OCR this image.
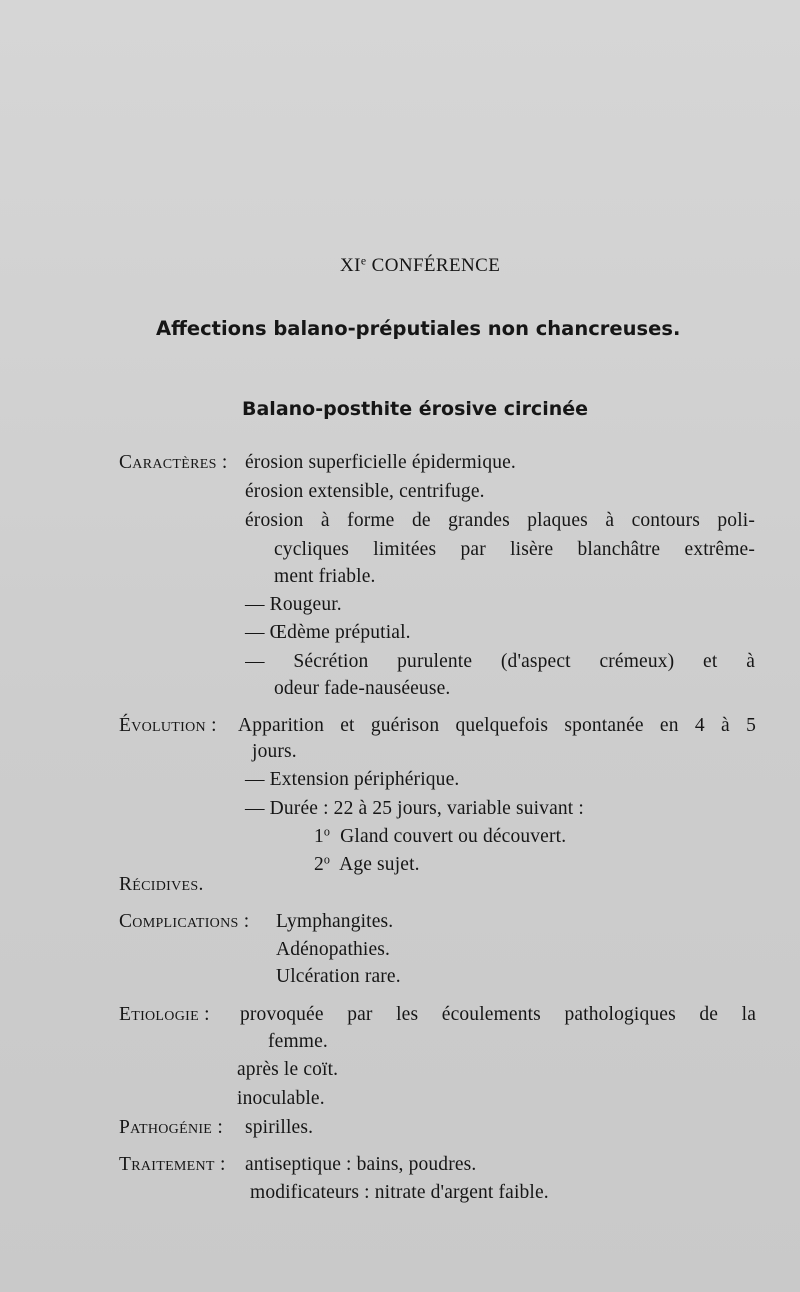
XIe CONFÉRENCE
Affections balano-préputiales non chancreuses.
Balano-posthite érosive circinée
Caractères : érosion superficielle épidermique.
érosion extensible, centrifuge.
érosion à forme de grandes plaques à contours poli-
cycliques limitées par lisère blanchâtre extrême-
ment friable.
— Rougeur.
— Œdème préputial.
— Sécrétion purulente (d'aspect crémeux) et à
odeur fade-nauséeuse.
Évolution : Apparition et guérison quelquefois spontanée en 4 à 5
jours.
— Extension périphérique.
— Durée : 22 à 25 jours, variable suivant :
1$^o$ Gland couvert ou découvert.
2$^o$ Age sujet.
Récidives.
Complications : Lymphangites.
Adénopathies.
Ulcération rare.
Etiologie : provoquée par les écoulements pathologiques de la
femme.
après le coït.
inoculable.
Pathogénie : spirilles.
Traitement : antiseptique : bains, poudres.
modificateurs : nitrate d'argent faible.
